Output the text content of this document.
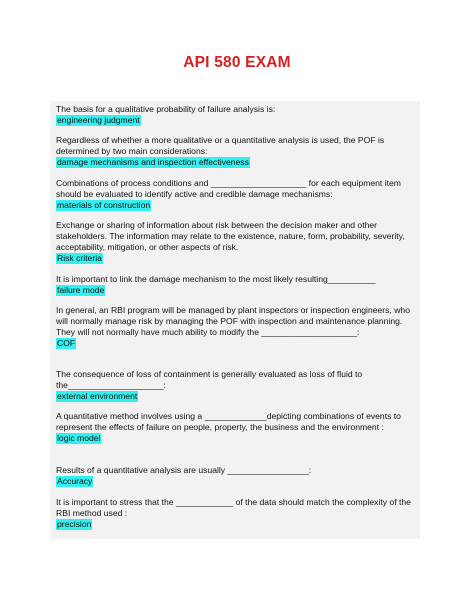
API 580 EXAM
The basis for a qualitative probability of failure analysis is:
engineering judgment
Regardless of whether a more qualitative or a quantitative analysis is used, the POF is determined by two main considerations:
damage mechanisms and inspection effectiveness
Combinations of process conditions and ____________________ for each equipment item should be evaluated to identify active and credible damage mechanisms:
materials of construction
Exchange or sharing of information about risk between the decision maker and other stakeholders. The information may relate to the existence, nature, form, probability, severity, acceptability, mitigation, or other aspects of risk.
Risk criteria
It is important to link the damage mechanism to the most likely resulting__________
failure mode
In general, an RBI program will be managed by plant inspectors or inspection engineers, who will normally manage risk by managing the POF with inspection and maintenance planning. They will not normally have much ability to modify the ____________________:
COF
The consequence of loss of containment is generally evaluated as loss of fluid to the____________________:
external environment
A quantitative method involves using a _____________depicting combinations of events to represent the effects of failure on people, property, the business and the environment :
logic model
Results of a quantitative analysis are usually _________________:
Accuracy
It is important to stress that the ____________ of the data should match the complexity of the RBI method used :
precision
